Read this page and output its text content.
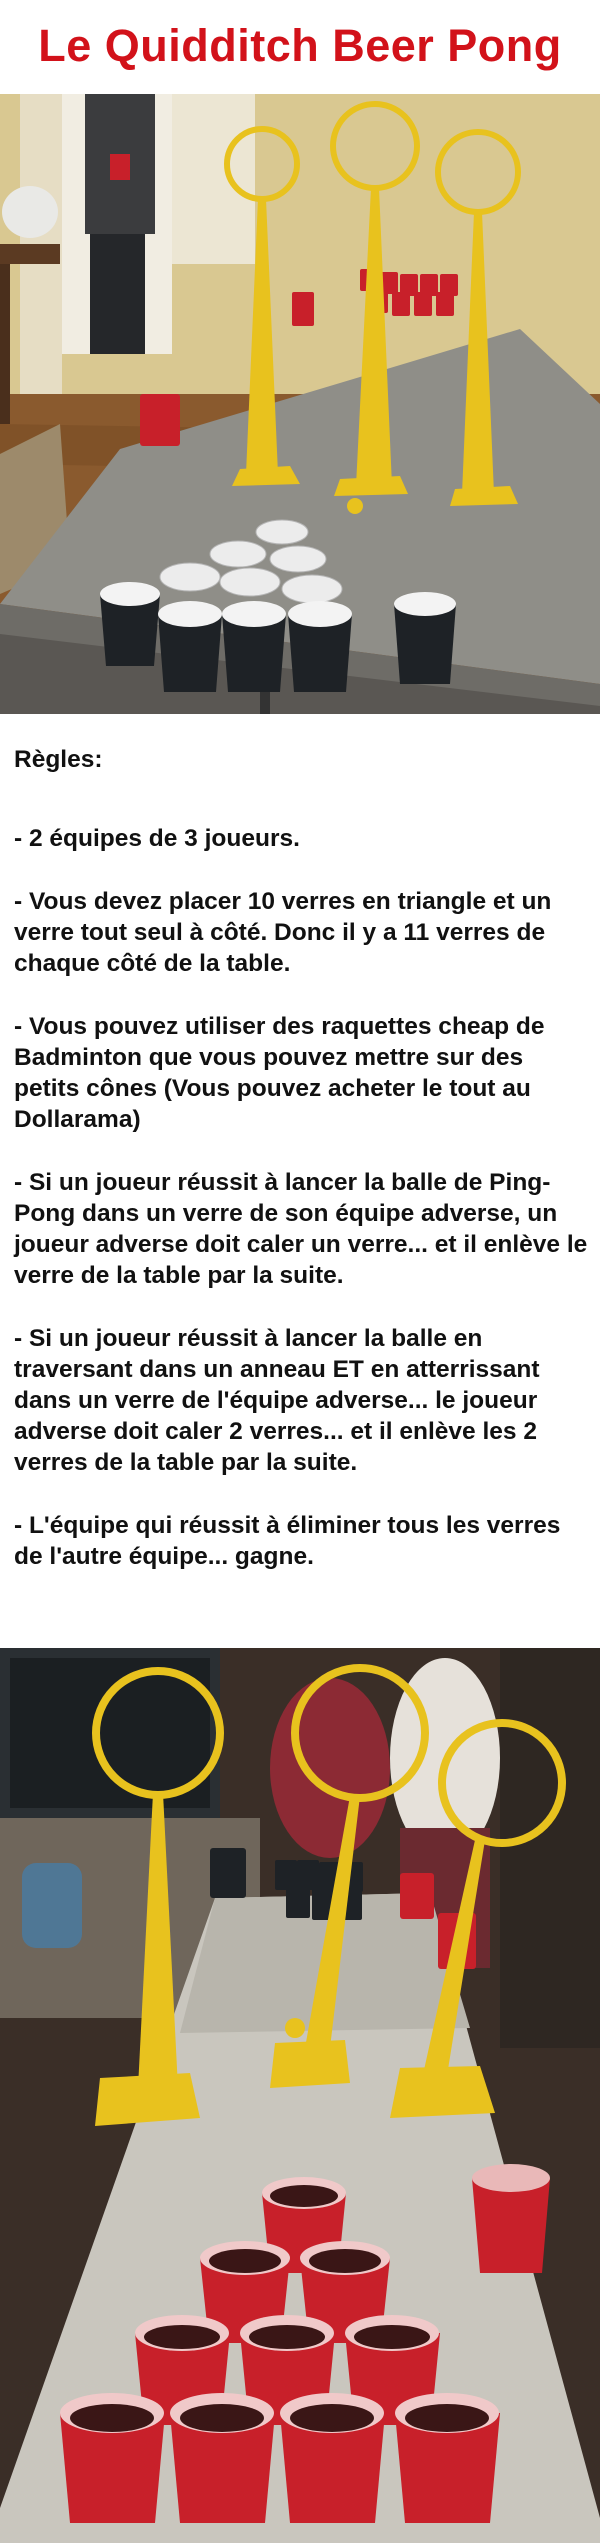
Le Quidditch Beer Pong

Règles:

- 2 équipes de 3 joueurs.

- Vous devez placer 10 verres en triangle et un verre tout seul à côté. Donc il y a 11 verres de chaque côté de la table.

- Vous pouvez utiliser des raquettes cheap de Badminton que vous pouvez mettre sur des petits cônes (Vous pouvez acheter le tout au Dollarama)

- Si un joueur réussit à lancer la balle de Ping-Pong dans un verre de son équipe adverse, un joueur adverse doit caler un verre... et il enlève le verre de la table par la suite.

- Si un joueur réussit à lancer la balle en traversant dans un anneau ET en atterrissant dans un verre de l'équipe adverse... le joueur adverse doit caler 2 verres... et il enlève les 2 verres de la table par la suite.

- L'équipe qui réussit à éliminer tous les verres de l'autre équipe... gagne.
